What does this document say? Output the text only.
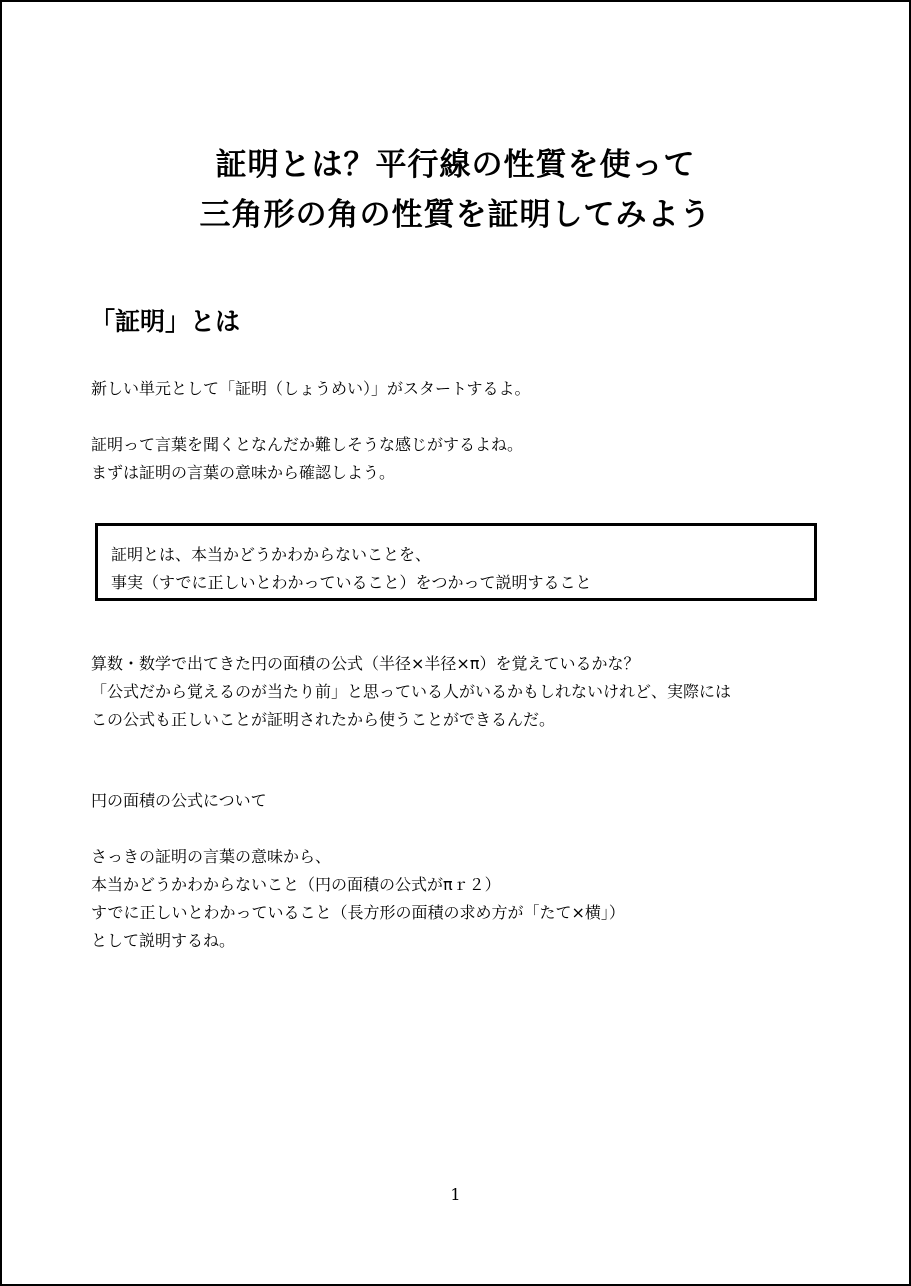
証明とは？平行線の性質を使って
三角形の角の性質を証明してみよう
「証明」とは
新しい単元として「証明（しょうめい）」がスタートするよ。
証明って言葉を聞くとなんだか難しそうな感じがするよね。
まずは証明の言葉の意味から確認しよう。
証明とは、本当かどうかわからないことを、
事実（すでに正しいとわかっていること）をつかって説明すること
算数・数学で出てきた円の面積の公式（半径×半径×π）を覚えているかな？
「公式だから覚えるのが当たり前」と思っている人がいるかもしれないけれど、実際には
この公式も正しいことが証明されたから使うことができるんだ。
円の面積の公式について
さっきの証明の言葉の意味から、
本当かどうかわからないこと（円の面積の公式がπｒ２）
すでに正しいとわかっていること（長方形の面積の求め方が「たて×横」）
として説明するね。
1
